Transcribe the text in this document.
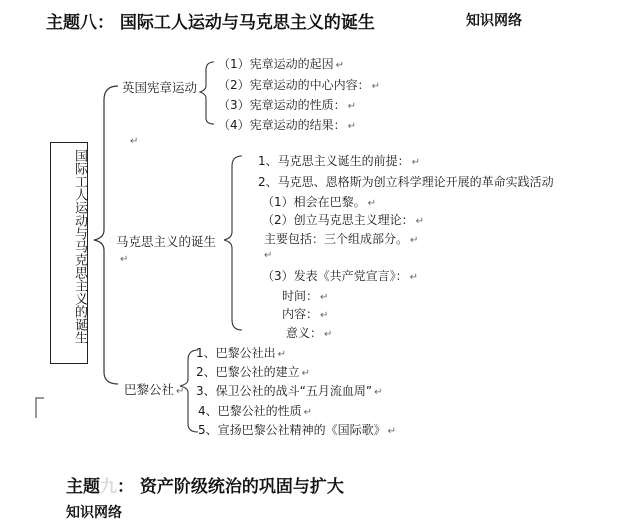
主题八： 国际工人运动与马克思主义的诞生	知识网络
国际工人运动与马克思主义的诞生
英国宪章运动
（1）宪章运动的起因 ↵
（2）宪章运动的中心内容： ↵
（3）宪章运动的性质： ↵
（4）宪章运动的结果： ↵
↵
马克思主义的诞生
↵
1、马克思主义诞生的前提： ↵
2、马克思、恩格斯为创立科学理论开展的革命实践活动
（1）相会在巴黎。 ↵
（2）创立马克思主义理论： ↵
主要包括：三个组成部分。 ↵
↵
（3）发表《共产党宣言》： ↵
时间： ↵
内容： ↵
意义： ↵
巴黎公社 ↵
1、巴黎公社出 ↵
2、巴黎公社的建立 ↵
3、保卫公社的战斗“五月流血周” ↵
4、巴黎公社的性质 ↵
5、宣扬巴黎公社精神的《国际歌》 ↵
主题九： 资产阶级统治的巩固与扩大
知识网络
